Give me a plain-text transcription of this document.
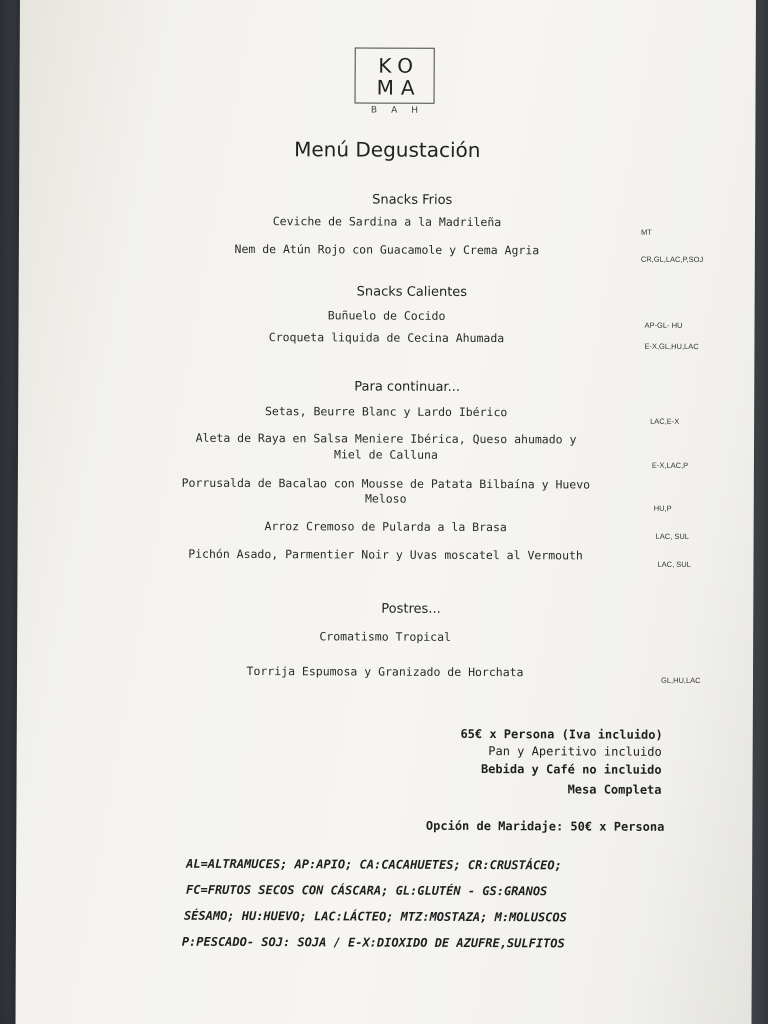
KO
MA
BAH
Menú Degustación
Snacks Frios
Ceviche de Sardina a la Madrileña
MT
Nem de Atún Rojo con Guacamole y Crema Agria
CR,GL,LAC,P,SOJ
Snacks Calientes
Buñuelo de Cocido
AP-GL- HU
Croqueta liquida de Cecina Ahumada
E-X,GL,HU,LAC
Para continuar...
Setas, Beurre Blanc y Lardo Ibérico
LAC,E-X
Aleta de Raya en Salsa Meniere Ibérica, Queso ahumado y
Miel de Calluna
E-X,LAC,P
Porrusalda de Bacalao con Mousse de Patata Bilbaína y Huevo
Meloso
HU,P
Arroz Cremoso de Pularda a la Brasa
LAC, SUL
Pichón Asado, Parmentier Noir y Uvas moscatel al Vermouth
LAC, SUL
Postres...
Cromatismo Tropical
Torrija Espumosa y Granizado de Horchata
GL,HU,LAC
65€ x Persona (Iva incluido)
Pan y Aperitivo incluido
Bebida y Café no incluido
Mesa Completa
Opción de Maridaje: 50€ x Persona
AL=ALTRAMUCES; AP:APIO; CA:CACAHUETES; CR:CRUSTÁCEO;
FC=FRUTOS SECOS CON CÁSCARA; GL:GLUTÉN - GS:GRANOS
SÉSAMO; HU:HUEVO; LAC:LÁCTEO; MTZ:MOSTAZA; M:MOLUSCOS
P:PESCADO- SOJ: SOJA / E-X:DIOXIDO DE AZUFRE,SULFITOS
